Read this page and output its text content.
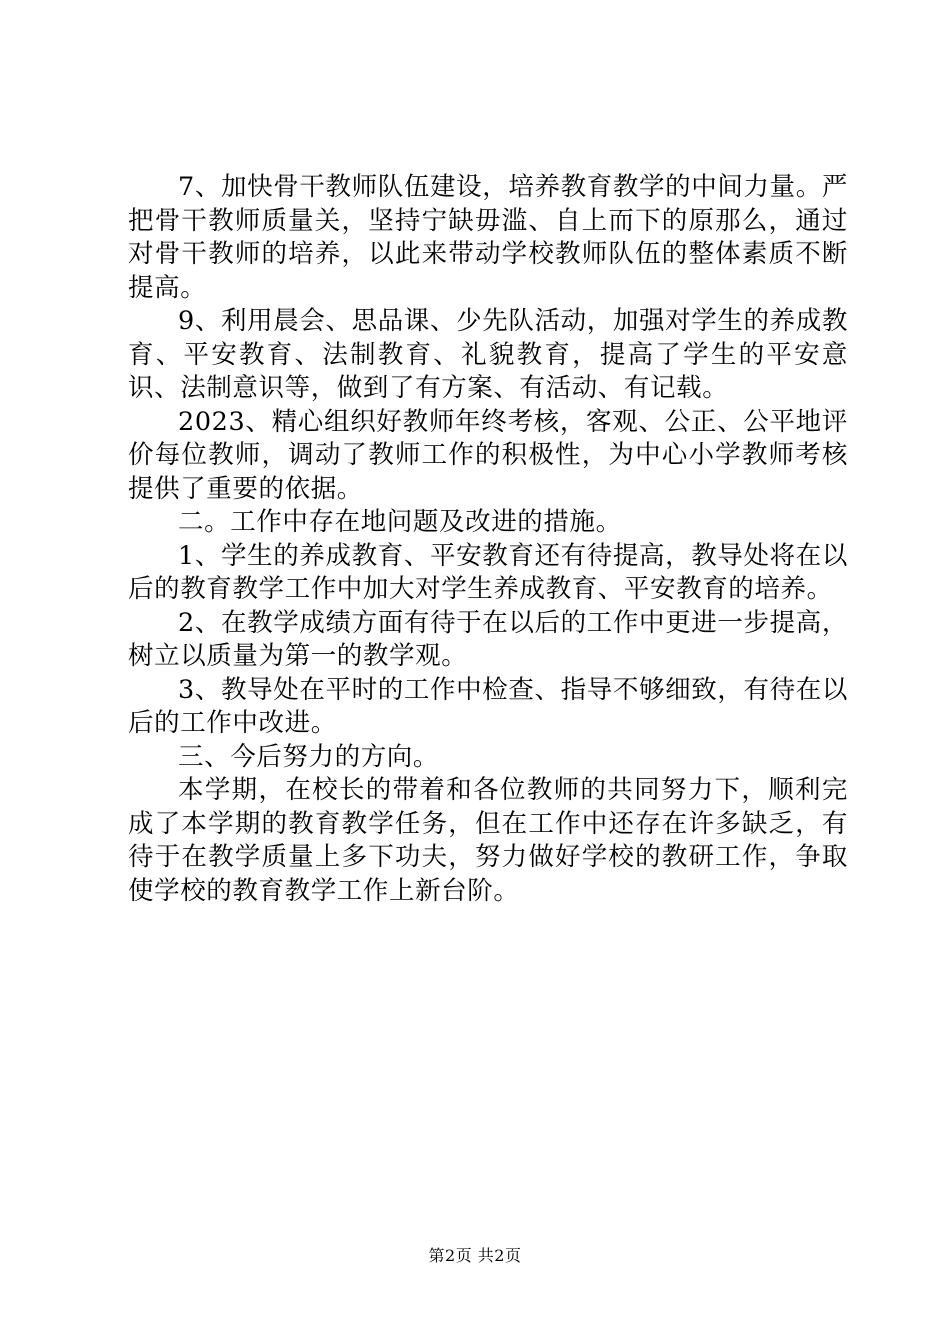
7、加快骨干教师队伍建设，培养教育教学的中间力量。严把骨干教师质量关，坚持宁缺毋滥、自上而下的原那么，通过对骨干教师的培养，以此来带动学校教师队伍的整体素质不断提高。

9、利用晨会、思品课、少先队活动，加强对学生的养成教育、平安教育、法制教育、礼貌教育，提高了学生的平安意识、法制意识等，做到了有方案、有活动、有记载。

2023、精心组织好教师年终考核，客观、公正、公平地评价每位教师，调动了教师工作的积极性，为中心小学教师考核提供了重要的依据。

二。工作中存在地问题及改进的措施。

1、学生的养成教育、平安教育还有待提高，教导处将在以后的教育教学工作中加大对学生养成教育、平安教育的培养。

2、在教学成绩方面有待于在以后的工作中更进一步提高，树立以质量为第一的教学观。

3、教导处在平时的工作中检查、指导不够细致，有待在以后的工作中改进。

三、今后努力的方向。

本学期，在校长的带着和各位教师的共同努力下，顺利完成了本学期的教育教学任务，但在工作中还存在许多缺乏，有待于在教学质量上多下功夫，努力做好学校的教研工作，争取使学校的教育教学工作上新台阶。

第2页 共2页
